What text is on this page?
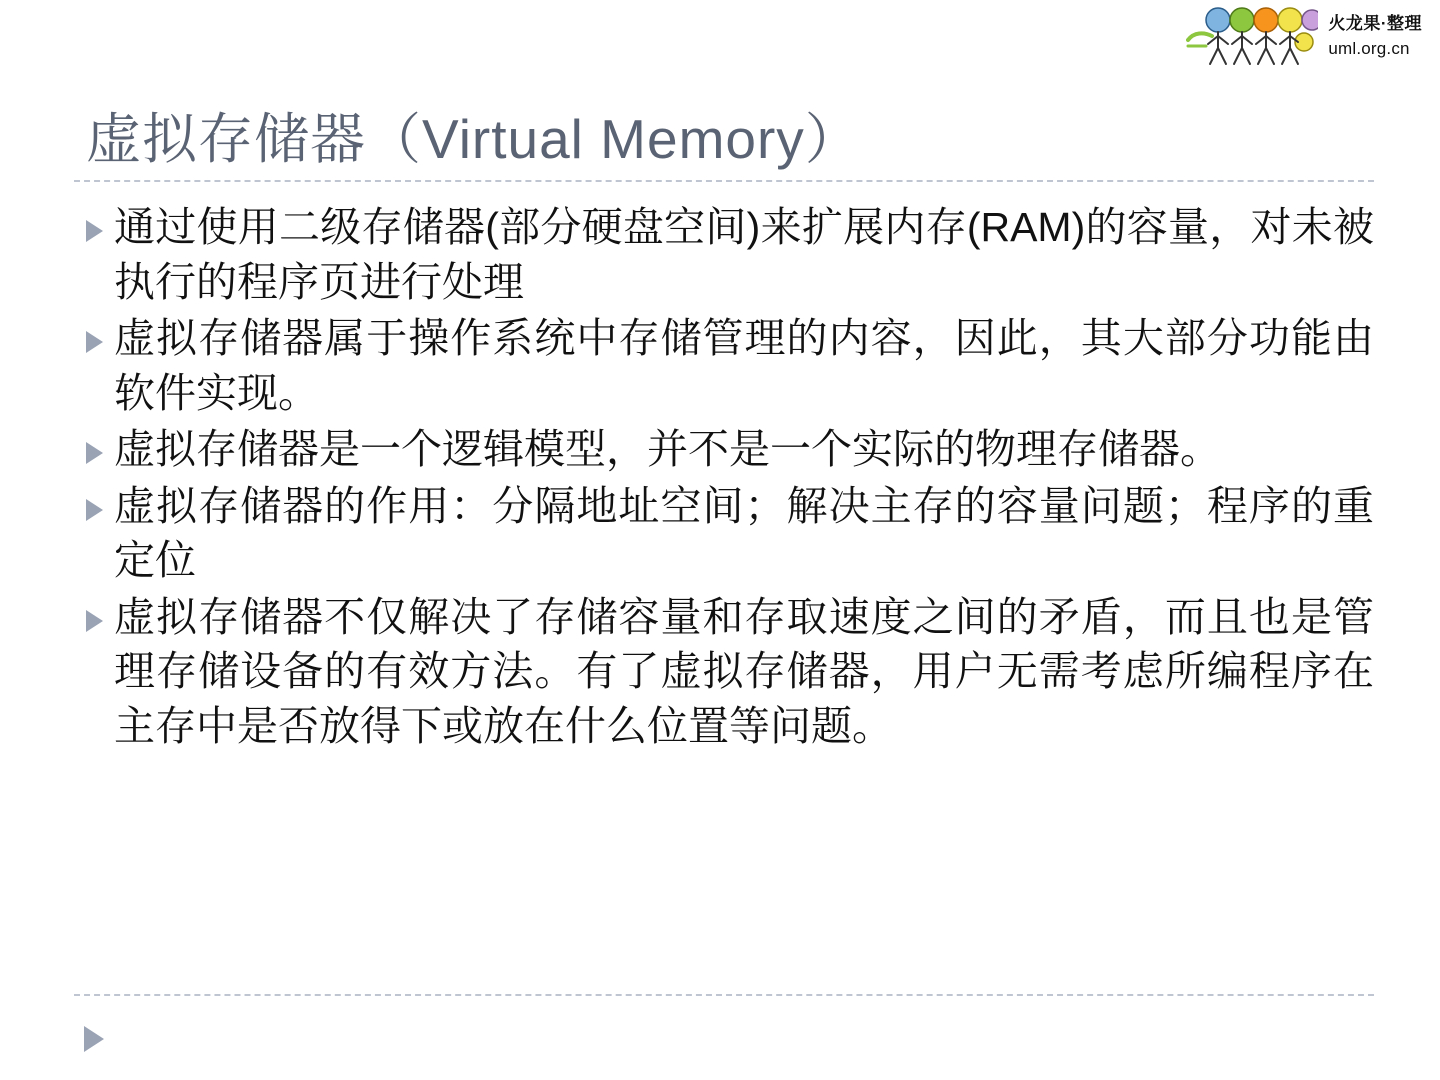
火龙果·整理
uml.org.cn
虚拟存储器（Virtual Memory）
通过使用二级存储器(部分硬盘空间)来扩展内存(RAM)的容量，对未被执行的程序页进行处理
虚拟存储器属于操作系统中存储管理的内容，因此，其大部分功能由软件实现。
虚拟存储器是一个逻辑模型，并不是一个实际的物理存储器。
虚拟存储器的作用：分隔地址空间；解决主存的容量问题；程序的重定位
虚拟存储器不仅解决了存储容量和存取速度之间的矛盾，而且也是管理存储设备的有效方法。有了虚拟存储器，用户无需考虑所编程序在主存中是否放得下或放在什么位置等问题。
